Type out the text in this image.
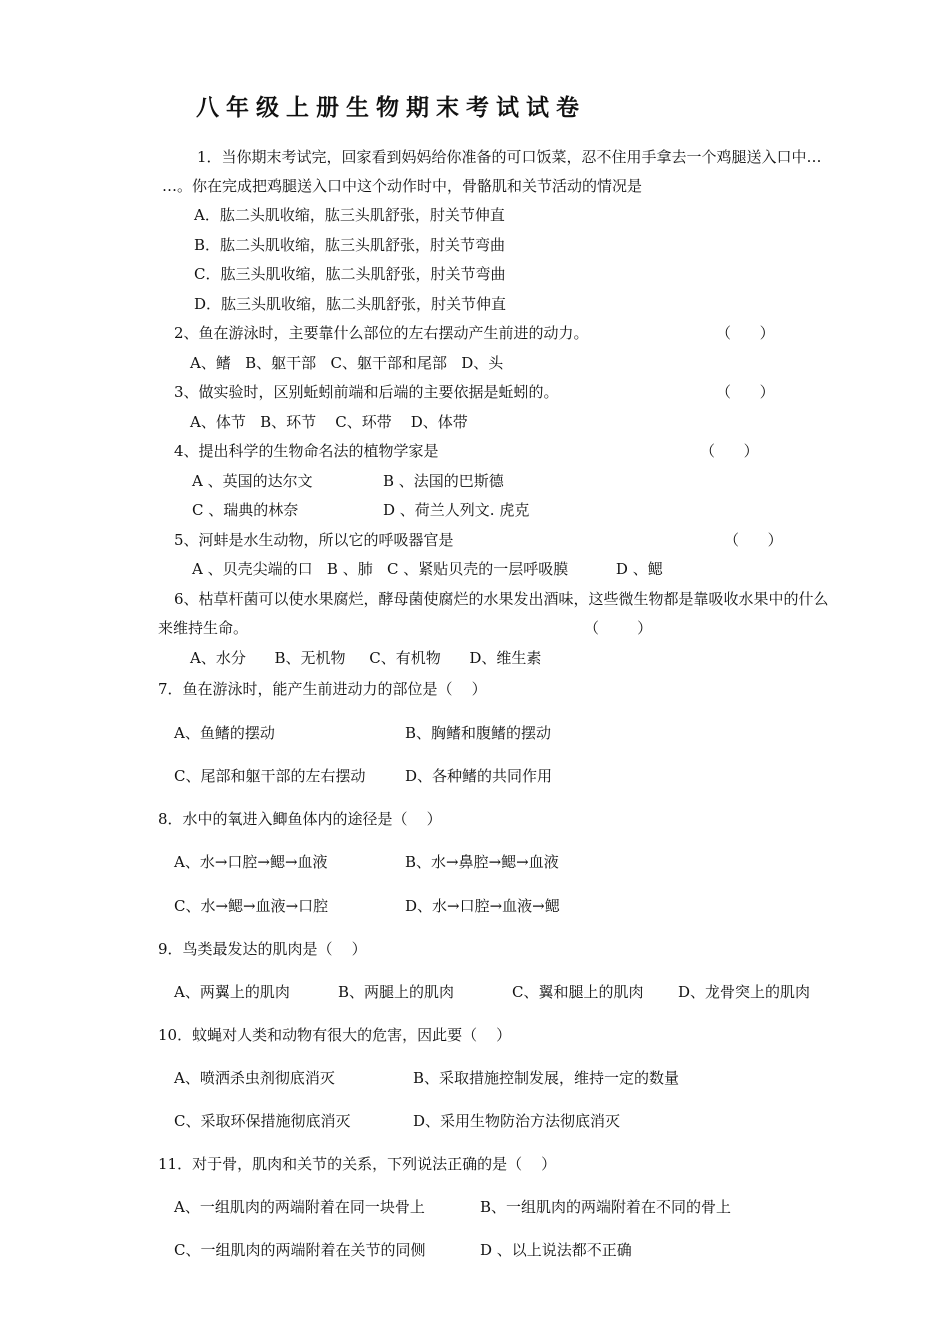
八年级上册生物期末考试试卷
1．当你期末考试完，回家看到妈妈给你准备的可口饭菜，忍不住用手拿去一个鸡腿送入口中…
…。你在完成把鸡腿送入口中这个动作时中，骨骼肌和关节活动的情况是
A．肱二头肌收缩，肱三头肌舒张，肘关节伸直
B．肱二头肌收缩，肱三头肌舒张，肘关节弯曲
C．肱三头肌收缩，肱二头肌舒张，肘关节弯曲
D．肱三头肌收缩，肱二头肌舒张，肘关节伸直
2、鱼在游泳时，主要靠什么部位的左右摆动产生前进的动力。	（      ）
A、鳍   B、躯干部   C、躯干部和尾部   D、头
3、做实验时，区别蚯蚓前端和后端的主要依据是蚯蚓的。	（      ）
A、体节   B、环节    C、环带    D、体带
4、提出科学的生物命名法的植物学家是	（      ）
A 、英国的达尔文	B 、法国的巴斯德
C 、瑞典的林奈	D 、荷兰人列文. 虎克
5、河蚌是水生动物，所以它的呼吸器官是	（      ）
A 、贝壳尖端的口   B 、肺   C 、紧贴贝壳的一层呼吸膜          D 、鳃
6、枯草杆菌可以使水果腐烂，酵母菌使腐烂的水果发出酒味，这些微生物都是靠吸收水果中的什么
来维持生命。	（        ）
A、水分      B、无机物     C、有机物      D、维生素
7．鱼在游泳时，能产生前进动力的部位是（    ）
A、鱼鳍的摆动	B、胸鳍和腹鳍的摆动
C、尾部和躯干部的左右摆动	D、各种鳍的共同作用
8．水中的氧进入鲫鱼体内的途径是（    ）
A、水→口腔→鳃→血液	B、水→鼻腔→鳃→血液
C、水→鳃→血液→口腔	D、水→口腔→血液→鳃
9．鸟类最发达的肌肉是（    ）
A、两翼上的肌肉	B、两腿上的肌肉	C、翼和腿上的肌肉 D、龙骨突上的肌肉
10．蚊蝇对人类和动物有很大的危害，因此要（    ）
A、喷洒杀虫剂彻底消灭	B、采取措施控制发展，维持一定的数量
C、采取环保措施彻底消灭	D、采用生物防治方法彻底消灭
11．对于骨，肌肉和关节的关系，下列说法正确的是（    ）
A、一组肌肉的两端附着在同一块骨上	B、一组肌肉的两端附着在不同的骨上
C、一组肌肉的两端附着在关节的同侧	D 、以上说法都不正确
